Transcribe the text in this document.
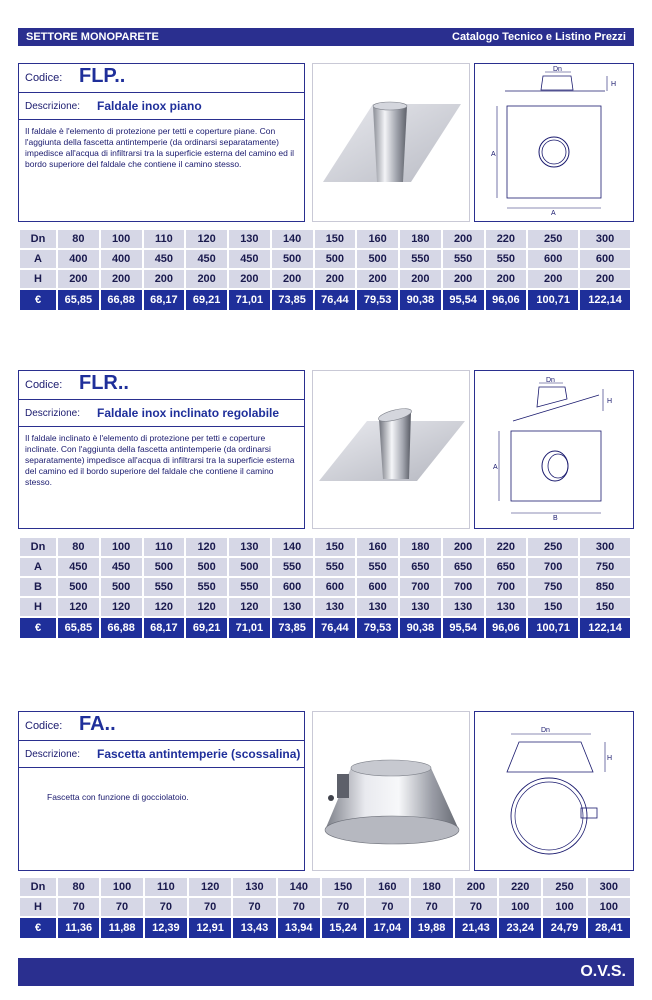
SETTORE MONOPARETE	Catalogo Tecnico e Listino Prezzi
Codice: FLP..
Descrizione: Faldale inox piano
Il faldale è l'elemento di protezione per tetti e coperture piane. Con l'aggiunta della fascetta antintemperie (da ordinarsi separatamente) impedisce all'acqua di infiltrarsi tra la superficie esterna del camino ed il bordo superiore del faldale che contiene il camino stesso.
Dn
H
A
A
Dn	80	100	110	120	130	140	150	160	180	200	220	250	300
A	400	400	450	450	450	500	500	500	550	550	550	600	600
H	200	200	200	200	200	200	200	200	200	200	200	200	200
€	65,85	66,88	68,17	69,21	71,01	73,85	76,44	79,53	90,38	95,54	96,06	100,71	122,14
Codice: FLR..
Descrizione: Faldale inox inclinato regolabile
Il faldale inclinato è l'elemento di protezione per tetti e coperture inclinate. Con l'aggiunta della fascetta antintemperie (da ordinarsi separatamente) impedisce all'acqua di infiltrarsi tra la superficie esterna del camino ed il bordo superiore del faldale che contiene il camino stesso.
Dn
H
A
B
Dn	80	100	110	120	130	140	150	160	180	200	220	250	300
A	450	450	500	500	500	550	550	550	650	650	650	700	750
B	500	500	550	550	550	600	600	600	700	700	700	750	850
H	120	120	120	120	120	130	130	130	130	130	130	150	150
€	65,85	66,88	68,17	69,21	71,01	73,85	76,44	79,53	90,38	95,54	96,06	100,71	122,14
Codice: FA..
Descrizione: Fascetta antintemperie (scossalina)
Fascetta con funzione di gocciolatoio.
Dn
H
Dn	80	100	110	120	130	140	150	160	180	200	220	250	300
H	70	70	70	70	70	70	70	70	70	70	100	100	100
€	11,36	11,88	12,39	12,91	13,43	13,94	15,24	17,04	19,88	21,43	23,24	24,79	28,41
O.V.S.
